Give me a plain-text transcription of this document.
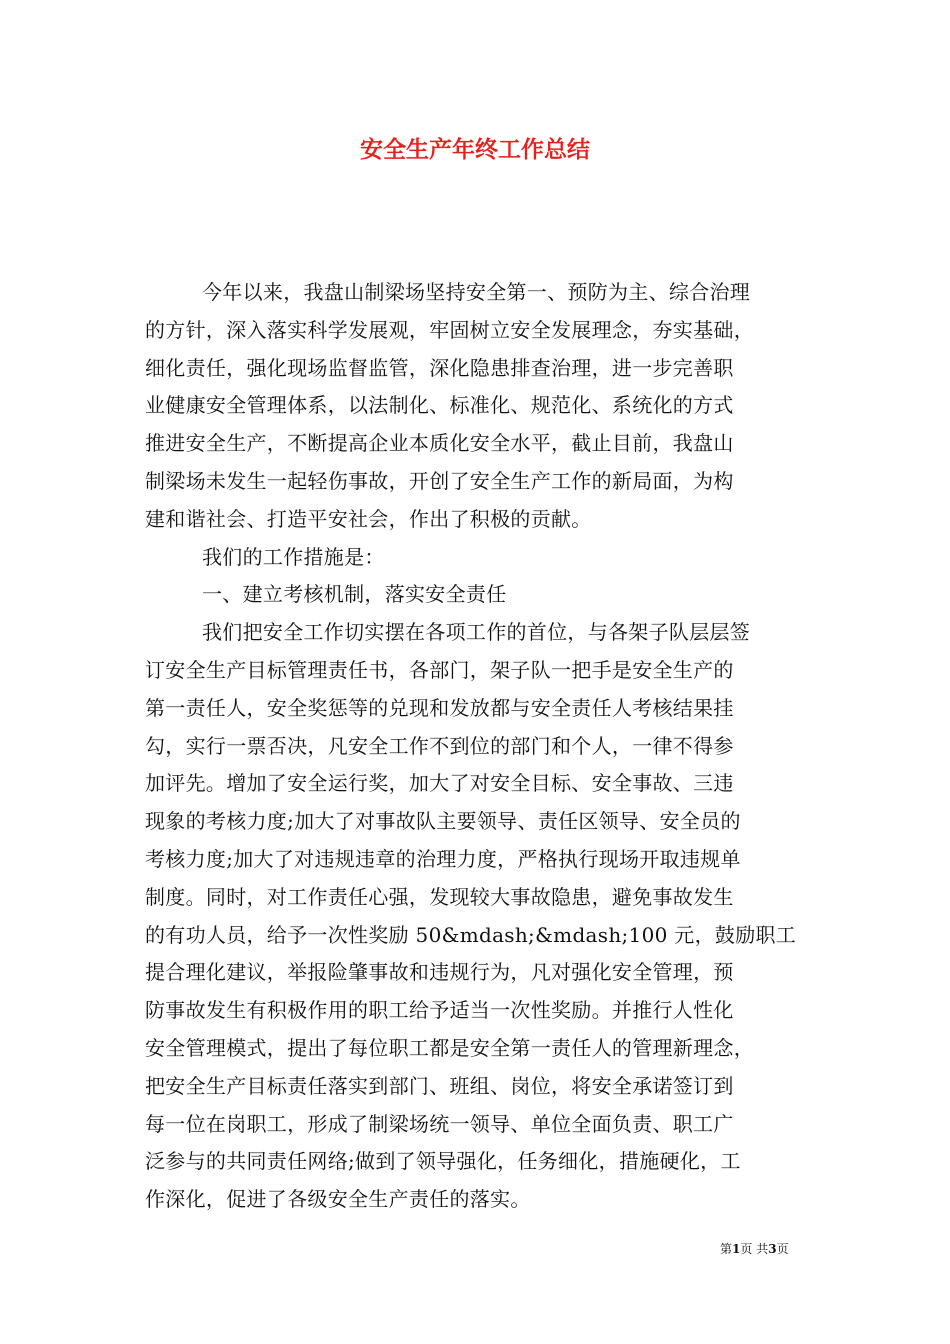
安全生产年终工作总结
今年以来，我盘山制梁场坚持安全第一、预防为主、综合治理
的方针，深入落实科学发展观，牢固树立安全发展理念，夯实基础，
细化责任，强化现场监督监管，深化隐患排查治理，进一步完善职
业健康安全管理体系，以法制化、标准化、规范化、系统化的方式
推进安全生产，不断提高企业本质化安全水平，截止目前，我盘山
制梁场未发生一起轻伤事故，开创了安全生产工作的新局面，为构
建和谐社会、打造平安社会，作出了积极的贡献。
我们的工作措施是：
一、建立考核机制，落实安全责任
我们把安全工作切实摆在各项工作的首位，与各架子队层层签
订安全生产目标管理责任书，各部门，架子队一把手是安全生产的
第一责任人，安全奖惩等的兑现和发放都与安全责任人考核结果挂
勾，实行一票否决，凡安全工作不到位的部门和个人，一律不得参
加评先。增加了安全运行奖，加大了对安全目标、安全事故、三违
现象的考核力度;加大了对事故队主要领导、责任区领导、安全员的
考核力度;加大了对违规违章的治理力度，严格执行现场开取违规单
制度。同时，对工作责任心强，发现较大事故隐患，避免事故发生
的有功人员，给予一次性奖励 50&mdash;&mdash;100 元，鼓励职工
提合理化建议，举报险肇事故和违规行为，凡对强化安全管理，预
防事故发生有积极作用的职工给予适当一次性奖励。并推行人性化
安全管理模式，提出了每位职工都是安全第一责任人的管理新理念，
把安全生产目标责任落实到部门、班组、岗位，将安全承诺签订到
每一位在岗职工，形成了制梁场统一领导、单位全面负责、职工广
泛参与的共同责任网络;做到了领导强化，任务细化，措施硬化，工
作深化，促进了各级安全生产责任的落实。
第1页 共3页
